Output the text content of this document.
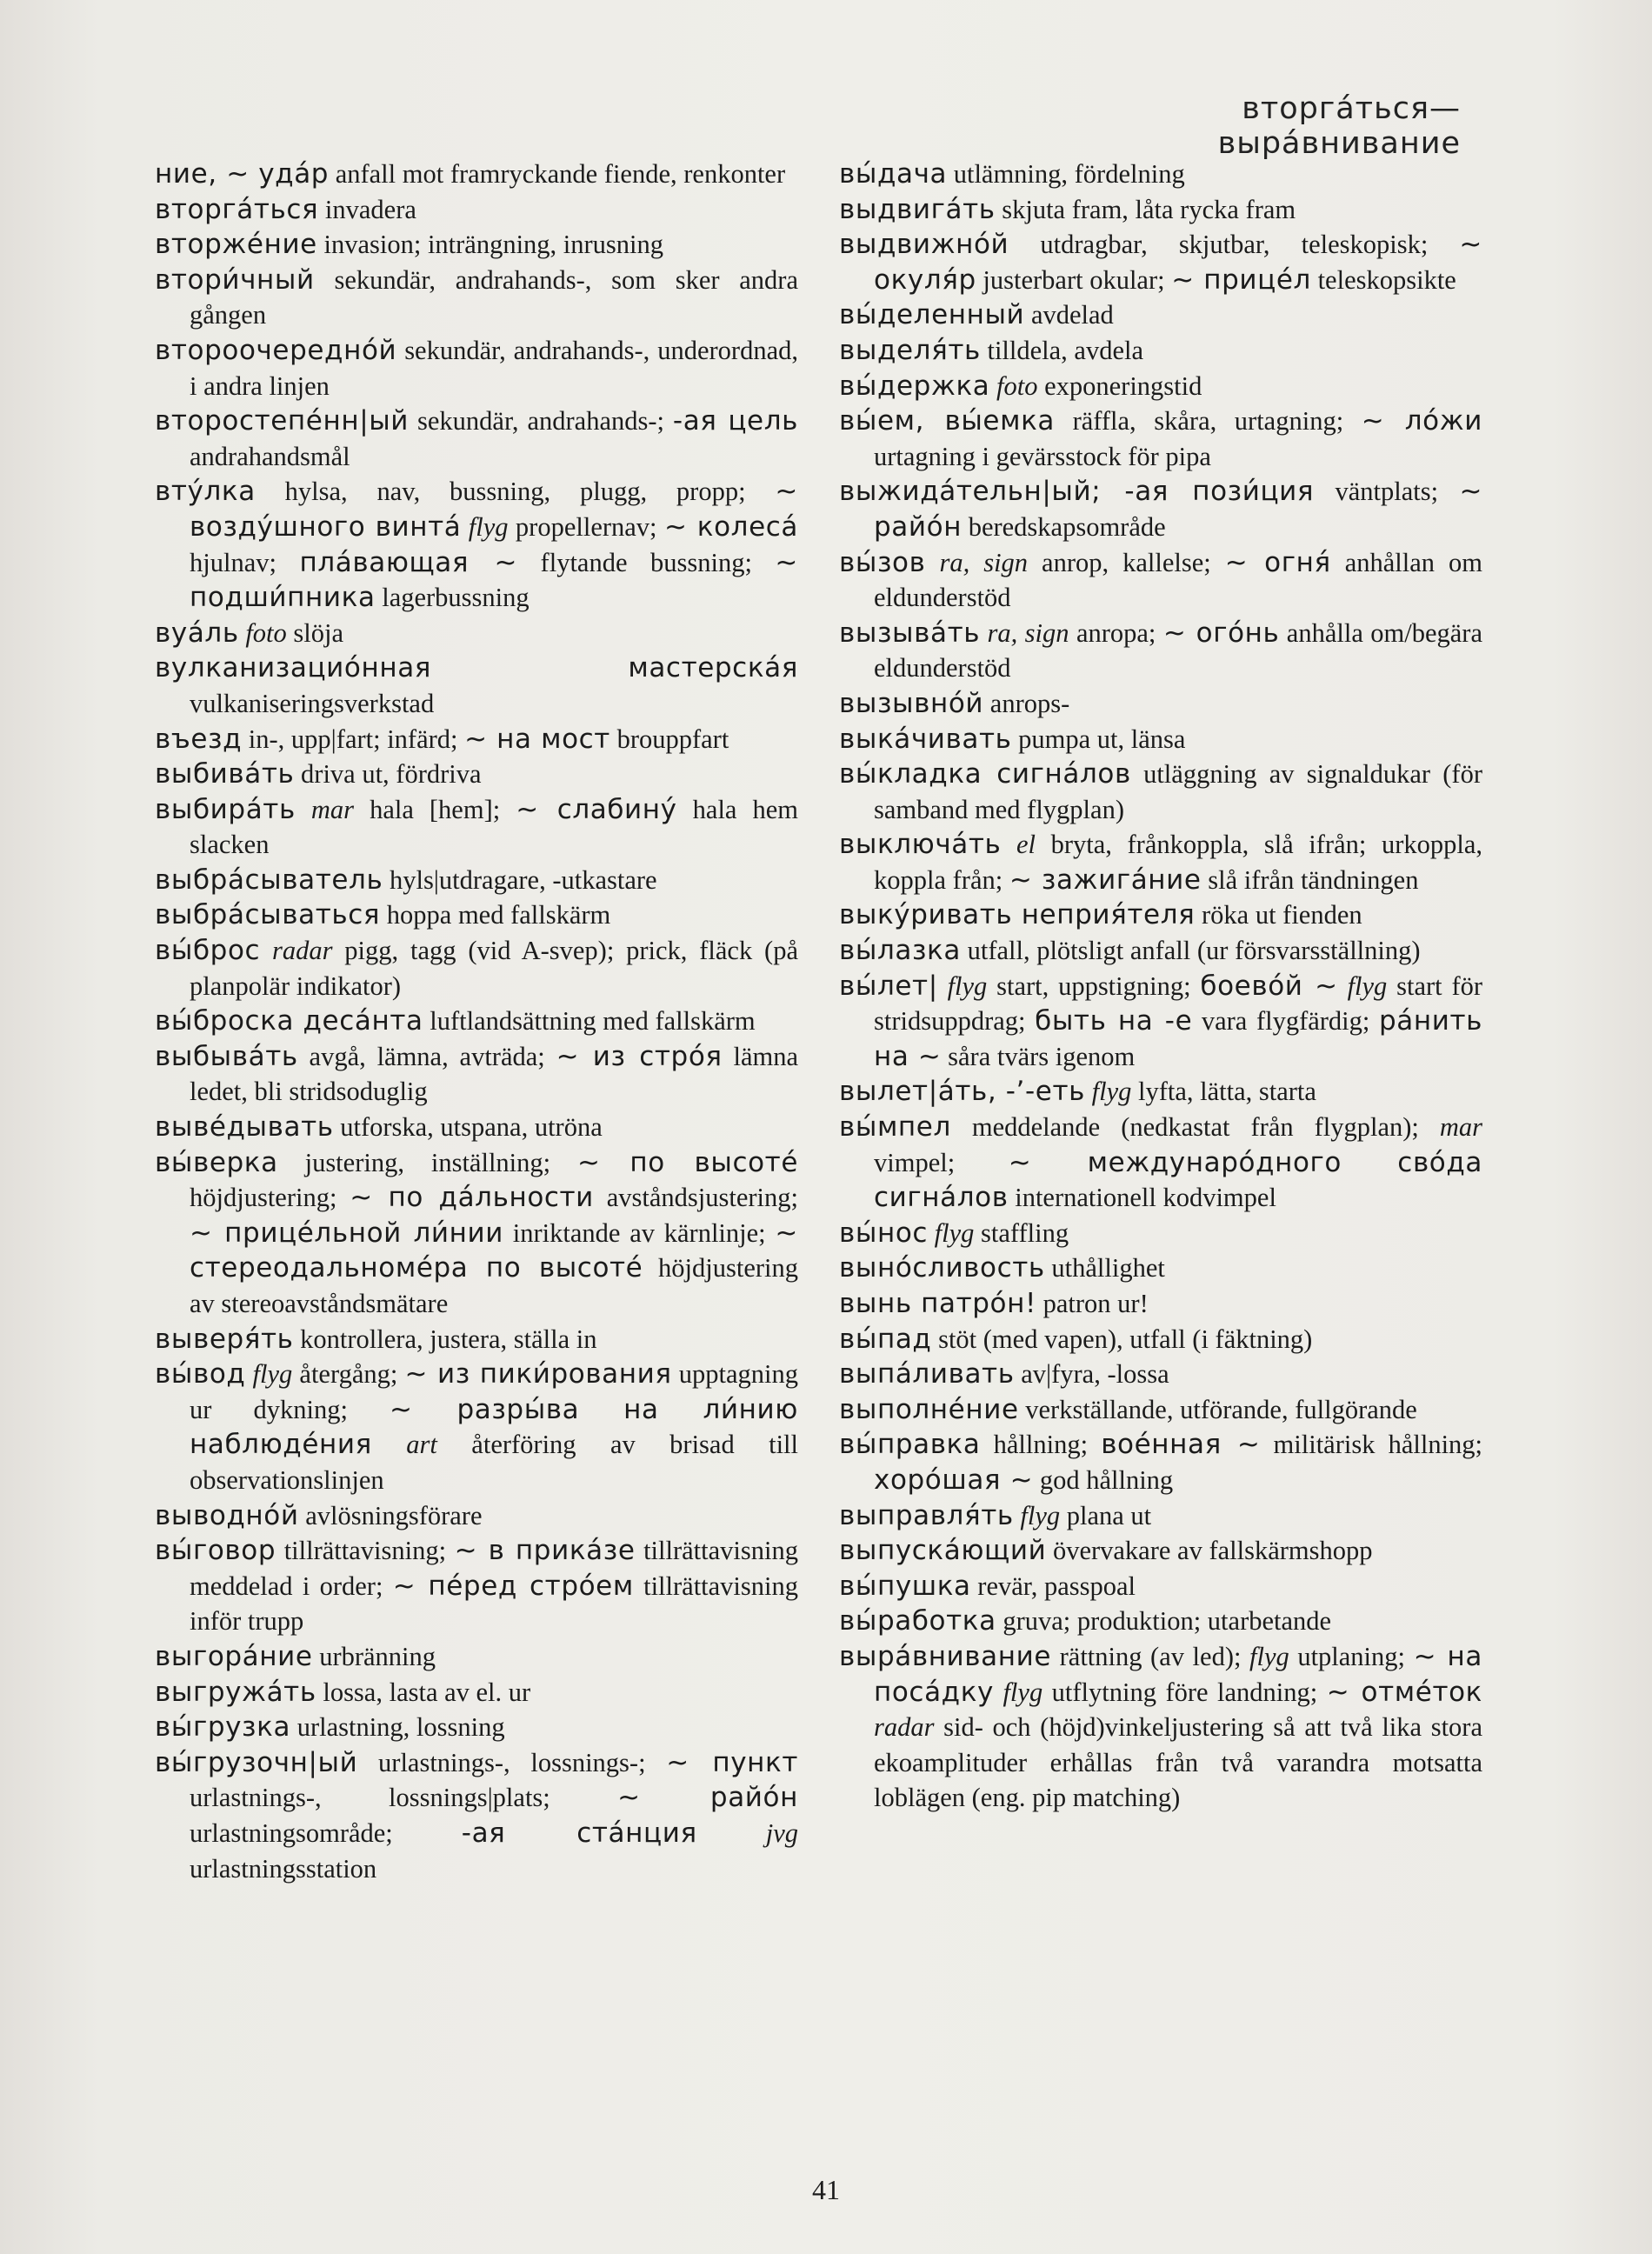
вторга́ться—выра́внивание
ние, ~ уда́р anfall mot framryckande fiende, renkonter
вторга́ться invadera
вторже́ние invasion; inträngning, inrusning
втори́чный sekundär, andrahands-, som sker andra gången
второочередно́й sekundär, andrahands-, underordnad, i andra linjen
второстепе́нн|ый sekundär, andrahands-; -ая цель andrahandsmål
вту́лка hylsa, nav, bussning, plugg, propp; ~ возду́шного винта́ flyg propellernav; ~ колеса́ hjulnav; пла́вающая ~ flytande bussning; ~ подши́пника lagerbussning
вуа́ль foto slöja
вулканизацио́нная мастерска́я vulkaniseringsverkstad
въезд in-, upp|fart; infärd; ~ на мост brouppfart
выбива́ть driva ut, fördriva
выбира́ть mar hala [hem]; ~ слабину́ hala hem slacken
выбра́сыватель hyls|utdragare, -utkastare
выбра́сываться hoppa med fallskärm
вы́брос radar pigg, tagg (vid A-svep); prick, fläck (på planpolär indikator)
вы́броска деса́нта luftlandsättning med fallskärm
выбыва́ть avgå, lämna, avträda; ~ из стро́я lämna ledet, bli stridsoduglig
выве́дывать utforska, utspana, utröna
вы́верка justering, inställning; ~ по высоте́ höjdjustering; ~ по да́льности avståndsjustering; ~ прице́льной ли́нии inriktande av kärnlinje; ~ стереодальноме́ра по высоте́ höjdjustering av stereoavståndsmätare
выверя́ть kontrollera, justera, ställa in
вы́вод flyg återgång; ~ из пики́рования upptagning ur dykning; ~ разры́ва на ли́нию наблюде́ния art återföring av brisad till observationslinjen
выводно́й avlösningsförare
вы́говор tillrättavisning; ~ в прика́зе tillrättavisning meddelad i order; ~ пе́ред стро́ем tillrättavisning inför trupp
выгора́ние urbränning
выгружа́ть lossa, lasta av el. ur
вы́грузка urlastning, lossning
вы́грузочн|ый urlastnings-, lossnings-; ~ пункт urlastnings-, lossnings|plats; ~ райо́н urlastningsområde; -ая ста́нция	jvg urlastningsstation
вы́дача utlämning, fördelning
выдвига́ть skjuta fram, låta rycka fram
выдвижно́й utdragbar, skjutbar, teleskopisk; ~ окуля́р justerbart okular; ~ прице́л teleskopsikte
вы́деленный avdelad
выделя́ть tilldela, avdela
вы́держка foto exponeringstid
вы́ем, вы́емка räffla, skåra, urtagning; ~ ло́жи urtagning i gevärsstock för pipa
выжида́тельн|ый; -ая пози́ция väntplats; ~ райо́н beredskapsområde
вы́зов ra, sign anrop, kallelse; ~ огня́ anhållan om eldunderstöd
вызыва́ть ra, sign anropa; ~ ого́нь anhålla om/begära eldunderstöd
вызывно́й anrops-
выка́чивать pumpa ut, länsa
вы́кладка сигна́лов utläggning av signaldukar (för samband med flygplan)
выключа́ть el bryta, frånkoppla, slå ifrån; urkoppla, koppla från; ~ зажига́ние slå ifrån tändningen
выку́ривать неприя́теля röka ut fienden
вы́лазка utfall, plötsligt anfall (ur försvarsställning)
вы́лет| flyg start, uppstigning; боево́й ~ flyg start för stridsuppdrag; быть на -е vara flygfärdig; ра́нить на ~ såra tvärs igenom
вылет|а́ть, -’-еть flyg lyfta, lätta, starta
вы́мпел meddelande (nedkastat från flygplan); mar vimpel; ~ междунаро́дного сво́да сигна́лов internationell kodvimpel
вы́нос flyg staffling
выно́сливость uthållighet
вынь патро́н! patron ur!
вы́пад stöt (med vapen), utfall (i fäktning)
выпа́ливать av|fyra, -lossa
выполне́ние verkställande, utförande, fullgörande
вы́правка hållning; вое́нная ~ militärisk hållning; хоро́шая ~ god hållning
выправля́ть flyg plana ut
выпуска́ющий övervakare av fallskärmshopp
вы́пушка revär, passpoal
вы́работка gruva; produktion; utarbetande
выра́внивание rättning (av led); flyg utplaning; ~ на поса́дку flyg utflytning före landning; ~ отме́ток radar sid- och (höjd)vinkeljustering så att två lika stora ekoamplituder erhållas från två varandra motsatta loblägen (eng. pip matching)
41
